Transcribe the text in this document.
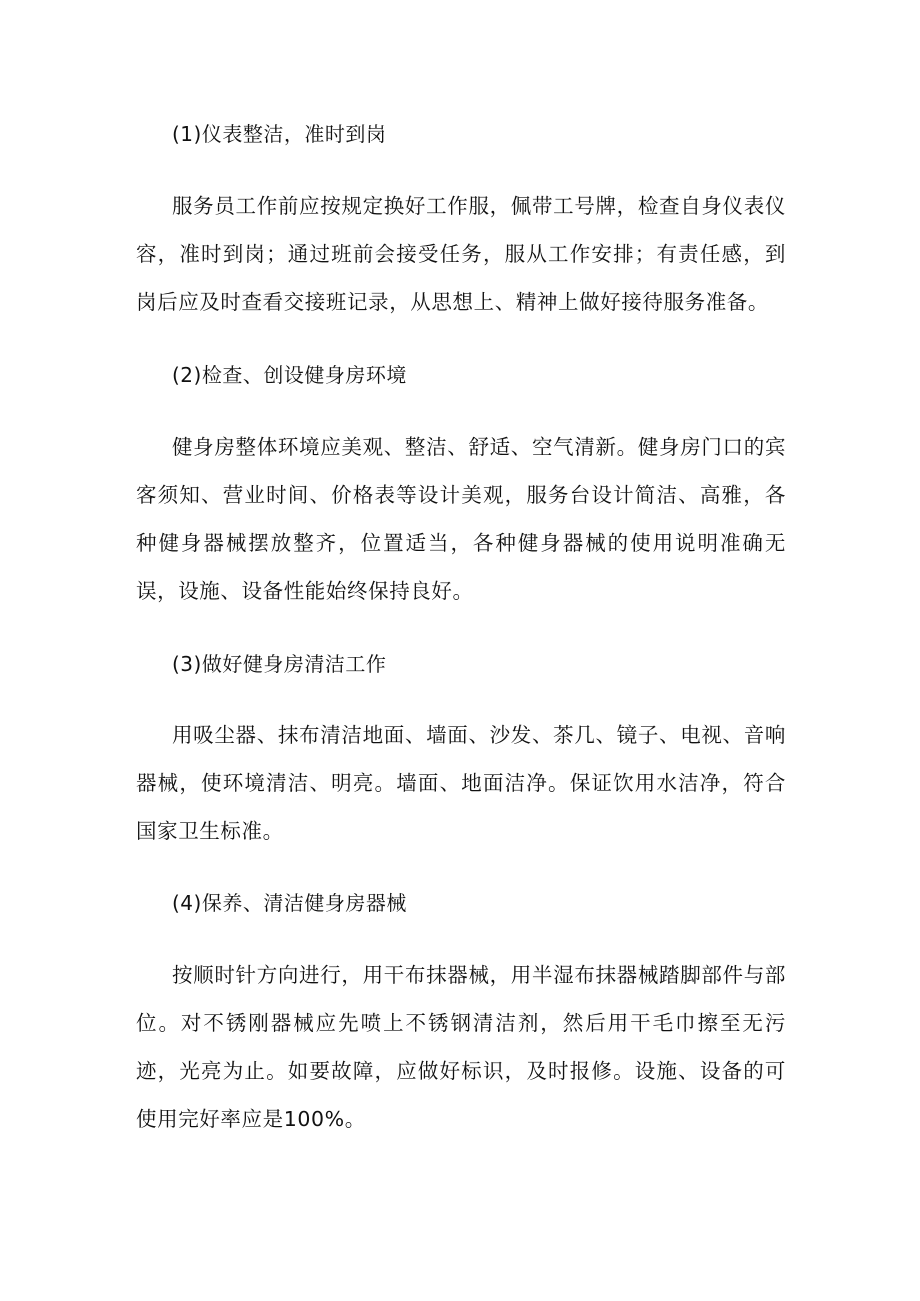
(1)仪表整洁，准时到岗
服务员工作前应按规定换好工作服，佩带工号牌，检查自身仪表仪容，准时到岗；通过班前会接受任务，服从工作安排；有责任感，到岗后应及时查看交接班记录，从思想上、精神上做好接待服务准备。
(2)检查、创设健身房环境
健身房整体环境应美观、整洁、舒适、空气清新。健身房门口的宾客须知、营业时间、价格表等设计美观，服务台设计简洁、高雅，各种健身器械摆放整齐，位置适当，各种健身器械的使用说明准确无误，设施、设备性能始终保持良好。
(3)做好健身房清洁工作
用吸尘器、抹布清洁地面、墙面、沙发、茶几、镜子、电视、音响器械，使环境清洁、明亮。墙面、地面洁净。保证饮用水洁净，符合国家卫生标准。
(4)保养、清洁健身房器械
按顺时针方向进行，用干布抹器械，用半湿布抹器械踏脚部件与部位。对不锈刚器械应先喷上不锈钢清洁剂，然后用干毛巾擦至无污迹，光亮为止。如要故障，应做好标识，及时报修。设施、设备的可使用完好率应是100%。
